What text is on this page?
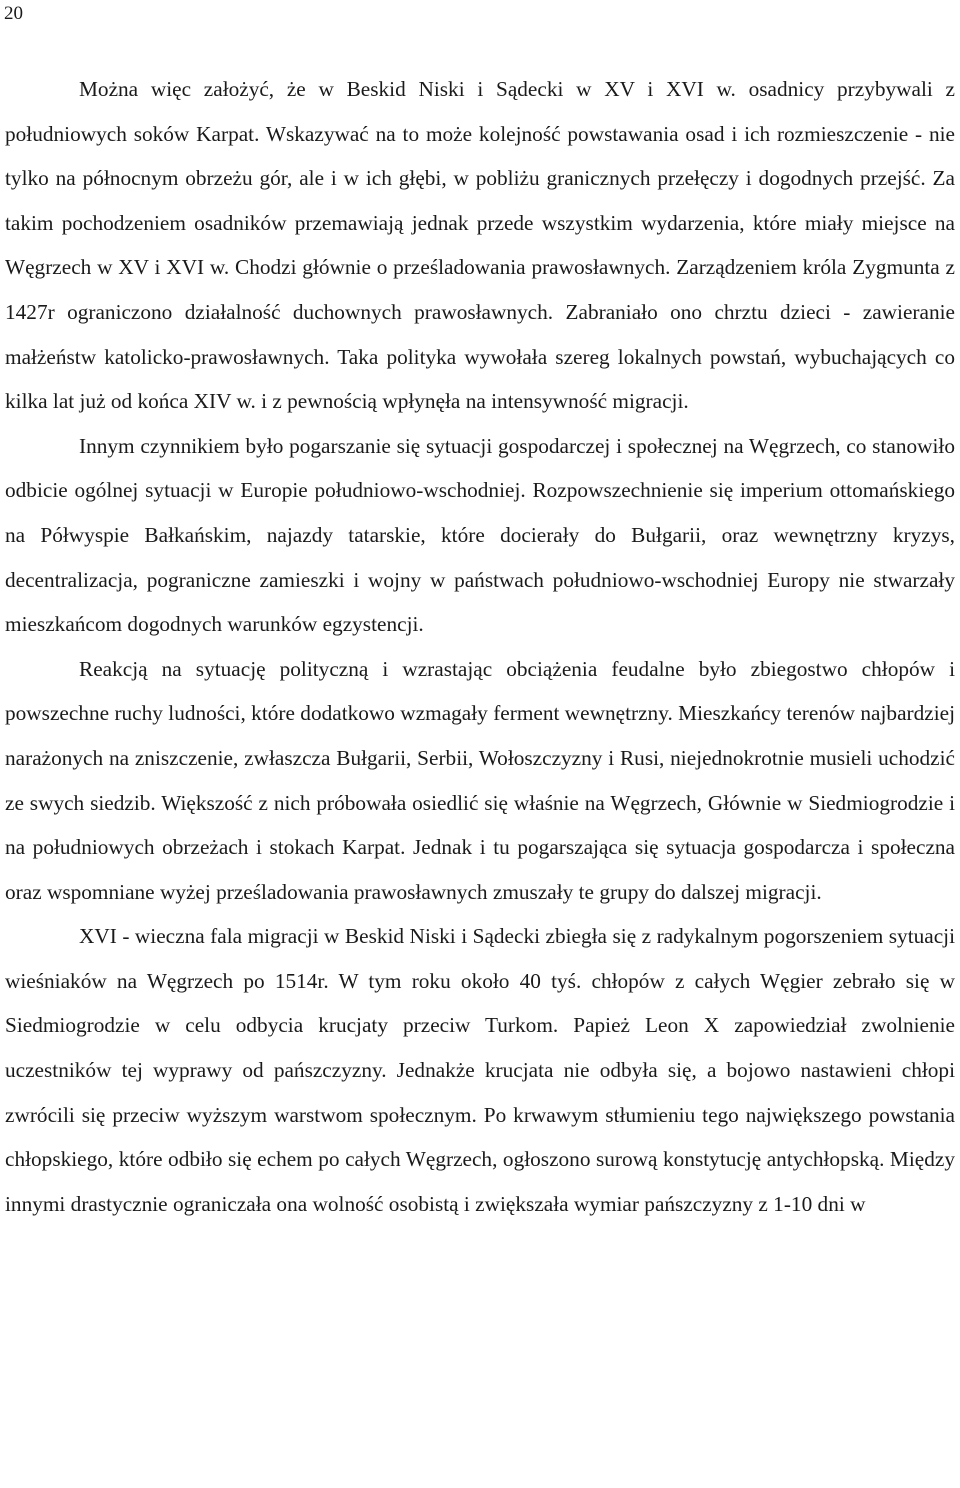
20

Można więc założyć, że w Beskid Niski i Sądecki w XV i XVI w. osadnicy przybywali z południowych soków Karpat. Wskazywać na to może kolejność powstawania osad i ich rozmieszczenie - nie tylko na północnym obrzeżu gór, ale i w ich głębi, w pobliżu granicznych przełęczy i dogodnych przejść. Za takim pochodzeniem osadników przemawiają jednak przede wszystkim wydarzenia, które miały miejsce na Węgrzech w XV i XVI w. Chodzi głównie o prześladowania prawosławnych. Zarządzeniem króla Zygmunta z 1427r ograniczono działalność duchownych prawosławnych. Zabraniało ono chrztu dzieci - zawieranie małżeństw katolicko-prawosławnych. Taka polityka wywołała szereg lokalnych powstań, wybuchających co kilka lat już od końca XIV w. i z pewnością wpłynęła na intensywność migracji.

Innym czynnikiem było pogarszanie się sytuacji gospodarczej i społecznej na Węgrzech, co stanowiło odbicie ogólnej sytuacji w Europie południowo-wschodniej. Rozpowszechnienie się imperium ottomańskiego na Półwyspie Bałkańskim, najazdy tatarskie, które docierały do Bułgarii, oraz wewnętrzny kryzys, decentralizacja, pograniczne zamieszki i wojny w państwach południowo-wschodniej Europy nie stwarzały mieszkańcom dogodnych warunków egzystencji.

Reakcją na sytuację polityczną i wzrastając obciążenia feudalne było zbiegostwo chłopów i powszechne ruchy ludności, które dodatkowo wzmagały ferment wewnętrzny. Mieszkańcy terenów najbardziej narażonych na zniszczenie, zwłaszcza Bułgarii, Serbii, Wołoszczyzny i Rusi, niejednokrotnie musieli uchodzić ze swych siedzib. Większość z nich próbowała osiedlić się właśnie na Węgrzech, Głównie w Siedmiogrodzie i na południowych obrzeżach i stokach Karpat. Jednak i tu pogarszająca się sytuacja gospodarcza i społeczna oraz wspomniane wyżej prześladowania prawosławnych zmuszały te grupy do dalszej migracji.

XVI - wieczna fala migracji w Beskid Niski i Sądecki zbiegła się z radykalnym pogorszeniem sytuacji wieśniaków na Węgrzech po 1514r. W tym roku około 40 tyś. chłopów z całych Węgier zebrało się w Siedmiogrodzie w celu odbycia krucjaty przeciw Turkom. Papież Leon X zapowiedział zwolnienie uczestników tej wyprawy od pańszczyzny. Jednakże krucjata nie odbyła się, a bojowo nastawieni chłopi zwrócili się przeciw wyższym warstwom społecznym. Po krwawym stłumieniu tego największego powstania chłopskiego, które odbiło się echem po całych Węgrzech, ogłoszono surową konstytucję antychłopską. Między innymi drastycznie ograniczała ona wolność osobistą i zwiększała wymiar pańszczyzny z 1-10 dni w
